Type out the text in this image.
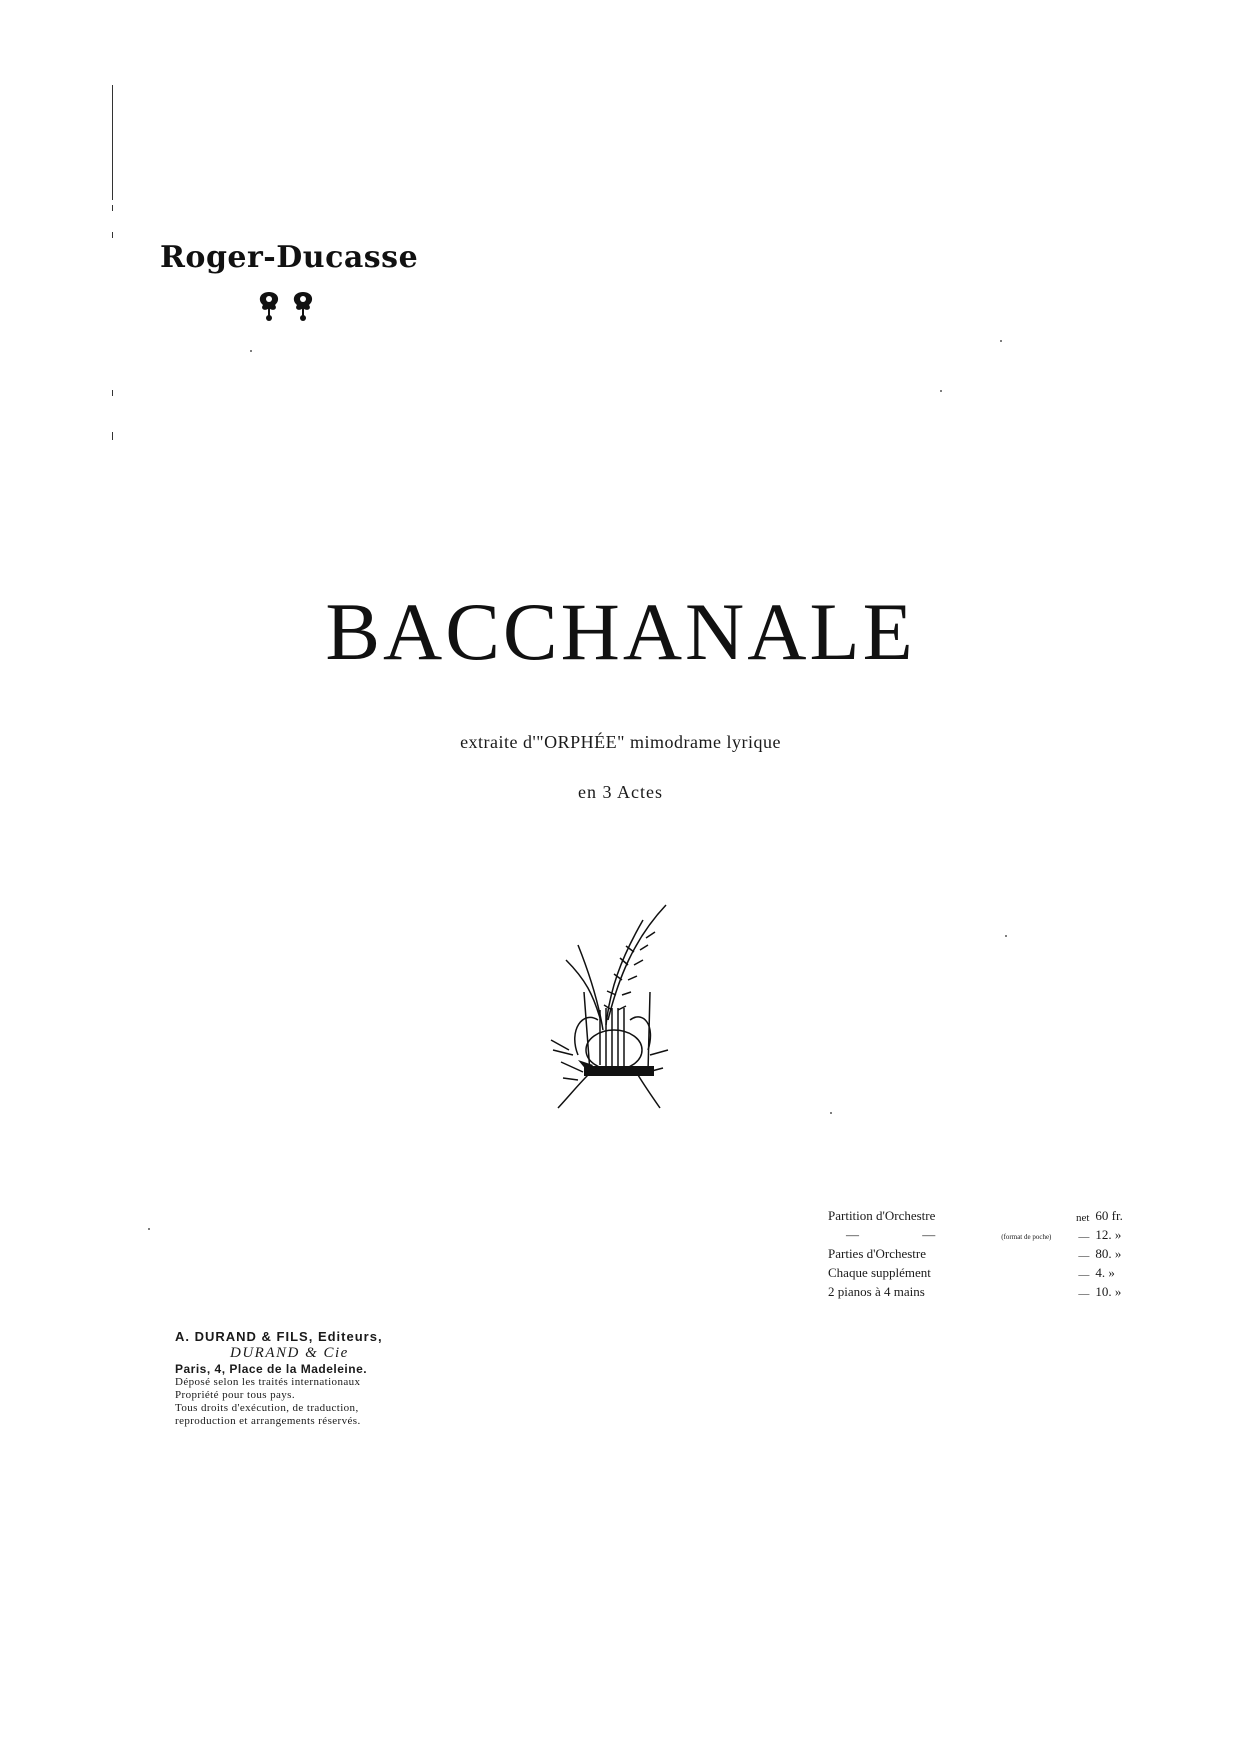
Roger-Ducasse
BACCHANALE
extraite d'"ORPHÉE" mimodrame lyrique
en 3 Actes
Partition d'Orchestre	net	60 fr.
— — (format de poche)	—	12. »
Parties d'Orchestre	—	80. »
Chaque supplément	—	4. »
2 pianos à 4 mains	—	10. »
A. DURAND & FILS, Editeurs,
DURAND & Cie
Paris, 4, Place de la Madeleine.
Déposé selon les traités internationaux
Propriété pour tous pays.
Tous droits d'exécution, de traduction,
reproduction et arrangements réservés.
